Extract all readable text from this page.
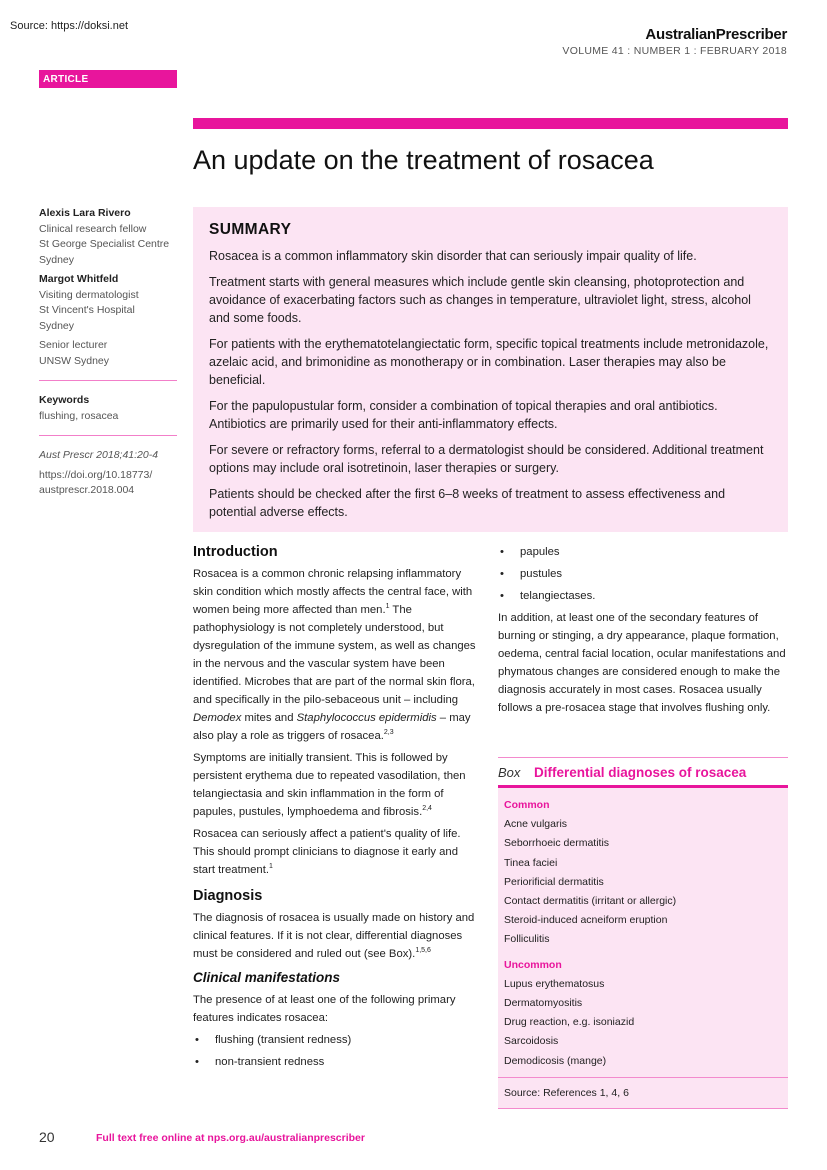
Source: https://doksi.net	AustralianPrescriber
VOLUME 41 : NUMBER 1 : FEBRUARY 2018
ARTICLE
An update on the treatment of rosacea
Alexis Lara Rivero
Clinical research fellow
St George Specialist Centre
Sydney
Margot Whitfeld
Visiting dermatologist
St Vincent's Hospital
Sydney
Senior lecturer
UNSW Sydney
Keywords
flushing, rosacea
Aust Prescr 2018;41:20-4
https://doi.org/10.18773/
austprescr.2018.004
SUMMARY

Rosacea is a common inflammatory skin disorder that can seriously impair quality of life.

Treatment starts with general measures which include gentle skin cleansing, photoprotection and avoidance of exacerbating factors such as changes in temperature, ultraviolet light, stress, alcohol and some foods.

For patients with the erythematotelangiectatic form, specific topical treatments include metronidazole, azelaic acid, and brimonidine as monotherapy or in combination. Laser therapies may also be beneficial.

For the papulopustular form, consider a combination of topical therapies and oral antibiotics. Antibiotics are primarily used for their anti-inflammatory effects.

For severe or refractory forms, referral to a dermatologist should be considered. Additional treatment options may include oral isotretinoin, laser therapies or surgery.

Patients should be checked after the first 6–8 weeks of treatment to assess effectiveness and potential adverse effects.

Introduction

Rosacea is a common chronic relapsing inflammatory skin condition which mostly affects the central face, with women being more affected than men.$^1$ The pathophysiology is not completely understood, but dysregulation of the immune system, as well as changes in the nervous and the vascular system have been identified. Microbes that are part of the normal skin flora, and specifically in the pilo-sebaceous unit – including Demodex mites and Staphylococcus epidermidis – may also play a role as triggers of rosacea.$^{2,3}$

Symptoms are initially transient. This is followed by persistent erythema due to repeated vasodilation, then telangiectasia and skin inflammation in the form of papules, pustules, lymphoedema and fibrosis.$^{2,4}$

Rosacea can seriously affect a patient's quality of life. This should prompt clinicians to diagnose it early and start treatment.$^1$

Diagnosis

The diagnosis of rosacea is usually made on history and clinical features. If it is not clear, differential diagnoses must be considered and ruled out (see Box).$^{1,5,6}$

Clinical manifestations

The presence of at least one of the following primary features indicates rosacea:

• flushing (transient redness)
• non-transient redness
• papules
• pustules
• telangiectases.

In addition, at least one of the secondary features of burning or stinging, a dry appearance, plaque formation, oedema, central facial location, ocular manifestations and phymatous changes are considered enough to make the diagnosis accurately in most cases. Rosacea usually follows a pre-rosacea stage that involves flushing only.

Box	Differential diagnoses of rosacea
Common
Acne vulgaris
Seborrhoeic dermatitis
Tinea faciei
Periorificial dermatitis
Contact dermatitis (irritant or allergic)
Steroid-induced acneiform eruption
Folliculitis
Uncommon
Lupus erythematosus
Dermatomyositis
Drug reaction, e.g. isoniazid
Sarcoidosis
Demodicosis (mange)
Source: References 1, 4, 6
20	Full text free online at nps.org.au/australianprescriber
